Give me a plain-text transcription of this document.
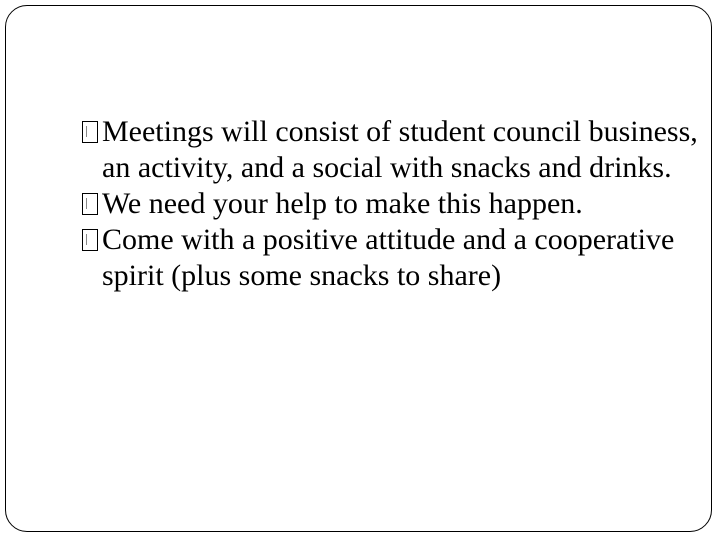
Meetings will consist of student council business, an activity, and a social with snacks and drinks.

We need your help to make this happen.

Come with a positive attitude and a cooperative spirit (plus some snacks to share)
